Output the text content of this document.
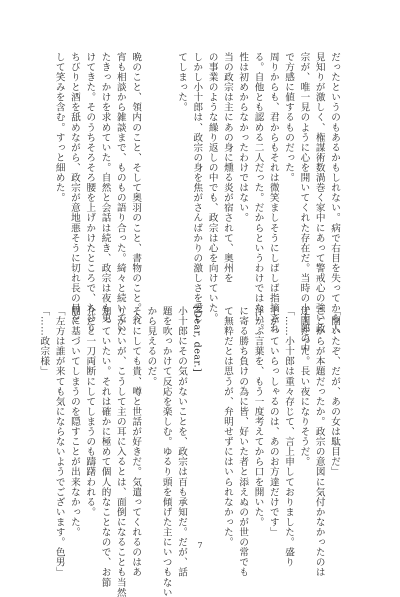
だったというのもあるかもしれない。病で右目を失ってから人
見知りが激しく、権謀術数渦巻く家中にあって警戒心の強い政
宗が、唯一見のように心を開いてくれた存在だ。当時の小十郎の中
で方感に値するものだった。
周りからも、君からもそれは微笑ましそうにしばしば指摘され
る。自他とも認める二人だった。だからというわけではない。
性は初めからなかったわけではない。
当の政宗は主にあの身に燻る炎が宿されて、奥州を
の事業のような繰り返しの中でも、政宗は心を向けていた。
しかし小十郎は、政宗の身を焦がさんばかりの激しさを愛し
てしまった。

晩のこと、領内のこと、そして奥羽のこと、書物のこと。今
宵も相談から雑談まで、ものもの語り合った。綺々と続いてい
たきっかけを求めていた。自然と会話は続き、政宗は夜も更
けてきた。そのうちそろそろ腰を上げかけたところで、ちびり
ちびりと酒を舐めながら、政宗が意地悪そうに切れ長の目を
して笑みを含む。すっと細めた。
「開いたぞ、だが、あの女は駄目だ」
ここからが本題だったか。政宗の意図に気付かなかったのは
迂闊だった。長い夜になりそうだ。
「……小十郎は重々存じて、言上申しておりました。盛り
上がっていらっしゃるのは、あのお方達だけです」
浮かぶ言葉を、もう一度考えてから口を開いた。
に寄る勝ち負けの為に皆、好いた者と添えぬのが世の常でも
て無粋だとは思うが、弁明せずにはいられなかった。

[Dear, dear.]
小十郎にその気がないことを、政宗は百も承知だ。だが、話
題を吹っかけて反応を楽しむ。ゆるり頭を傾げた主にいつもない
から見えるのだ。
それにしても貴、噂と世話が好きだ。気遣ってくれるのはあ
りがたいが、こうして主の耳に入るとは、面倒になることも当然
知っていたい。それは確かに極めて個人的なことなので、お節
介だと一刀両断にしてしまうのも躊躇われる。
間に基づいてしまうのを隠すことが出来なかった。
「左方は誰が来ても気にならないようでございます。色男」
「……政宗様」
7
